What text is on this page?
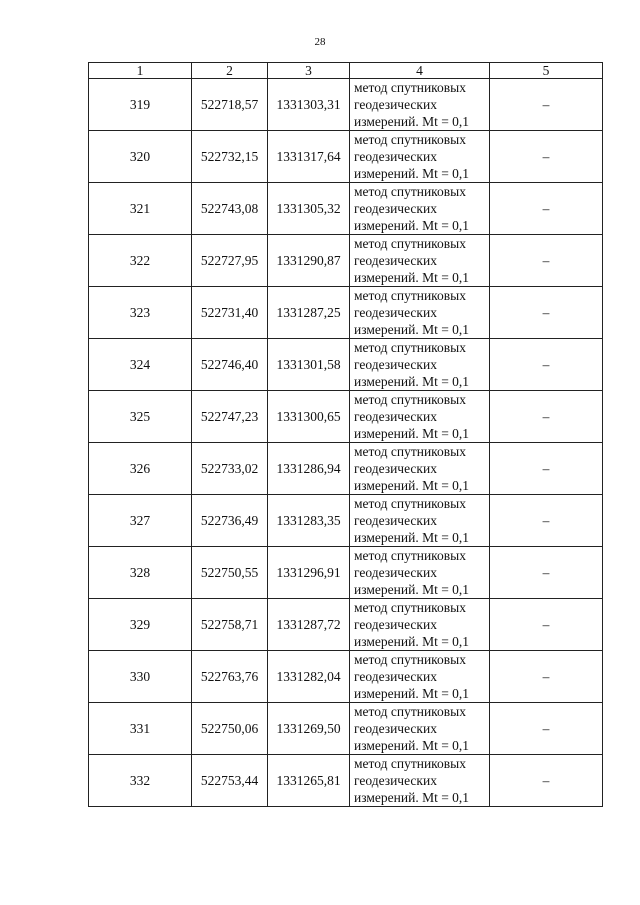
28
1	2	3	4	5
319	522718,57	1331303,31	метод спутниковых
геодезических
измерений. Mt = 0,1	–
320	522732,15	1331317,64	метод спутниковых
геодезических
измерений. Mt = 0,1	–
321	522743,08	1331305,32	метод спутниковых
геодезических
измерений. Mt = 0,1	–
322	522727,95	1331290,87	метод спутниковых
геодезических
измерений. Mt = 0,1	–
323	522731,40	1331287,25	метод спутниковых
геодезических
измерений. Mt = 0,1	–
324	522746,40	1331301,58	метод спутниковых
геодезических
измерений. Mt = 0,1	–
325	522747,23	1331300,65	метод спутниковых
геодезических
измерений. Mt = 0,1	–
326	522733,02	1331286,94	метод спутниковых
геодезических
измерений. Mt = 0,1	–
327	522736,49	1331283,35	метод спутниковых
геодезических
измерений. Mt = 0,1	–
328	522750,55	1331296,91	метод спутниковых
геодезических
измерений. Mt = 0,1	–
329	522758,71	1331287,72	метод спутниковых
геодезических
измерений. Mt = 0,1	–
330	522763,76	1331282,04	метод спутниковых
геодезических
измерений. Mt = 0,1	–
331	522750,06	1331269,50	метод спутниковых
геодезических
измерений. Mt = 0,1	–
332	522753,44	1331265,81	метод спутниковых
геодезических
измерений. Mt = 0,1	–
